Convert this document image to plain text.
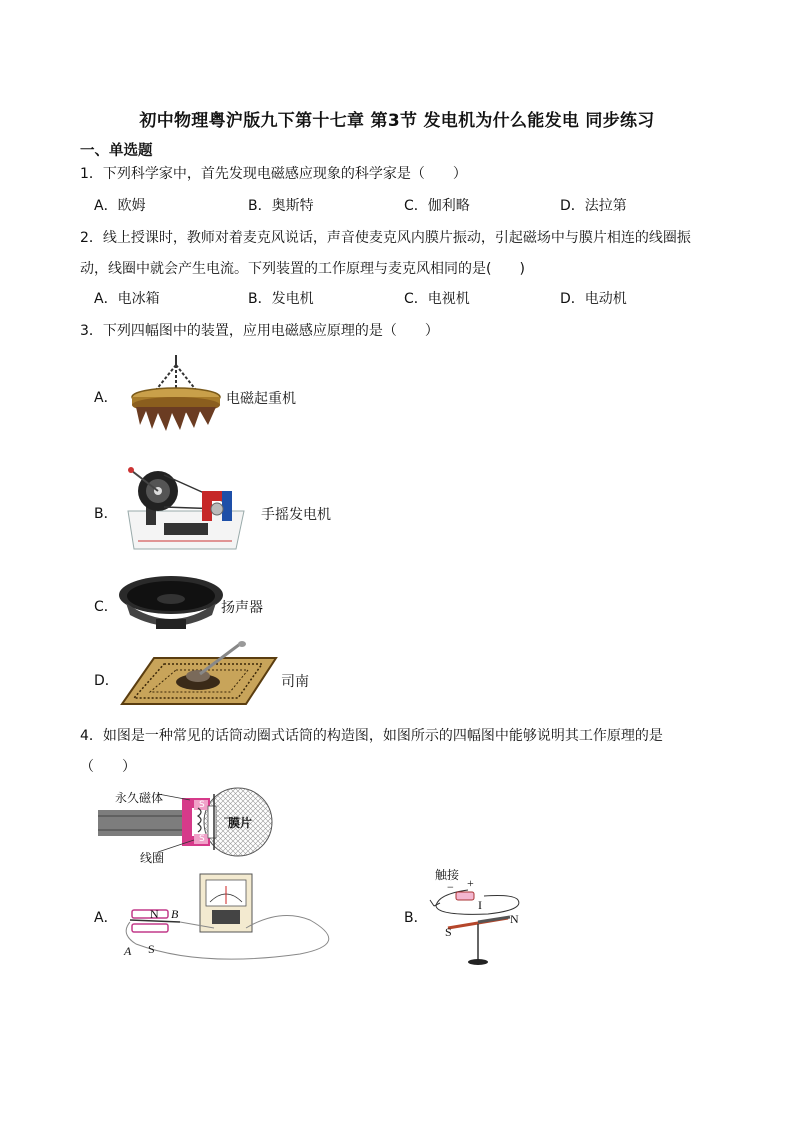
初中物理粤沪版九下第十七章 第3节 发电机为什么能发电 同步练习
一、单选题
1．下列科学家中，首先发现电磁感应现象的科学家是（　　）
A．欧姆	B．奥斯特	C．伽利略	D．法拉第
2．线上授课时，教师对着麦克风说话，声音使麦克风内膜片振动，引起磁场中与膜片相连的线圈振
动，线圈中就会产生电流。下列装置的工作原理与麦克风相同的是(　　)
A．电冰箱	B．发电机	C．电视机	D．电动机
3．下列四幅图中的装置，应用电磁感应原理的是（　　）
A．	电磁起重机
B．	手摇发电机
C．	扬声器
D．	司南
4．如图是一种常见的话筒动圈式话筒的构造图，如图所示的四幅图中能够说明其工作原理的是
（　　）
永久磁体
膜片
线圈
S
S
A．	N B
A S
B．
触接
− +
I
N
S
